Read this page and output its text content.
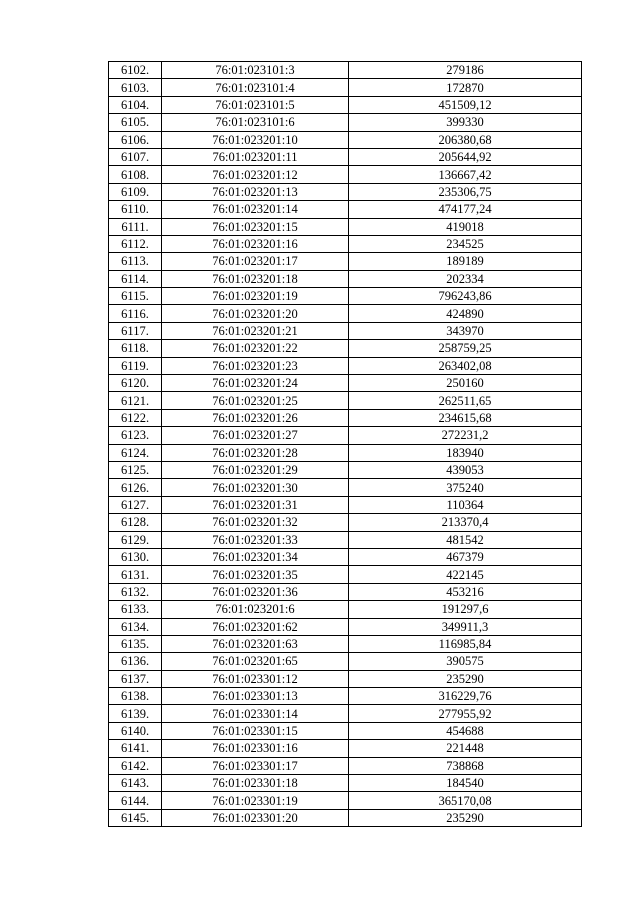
6102.	76:01:023101:3	279186
6103.	76:01:023101:4	172870
6104.	76:01:023101:5	451509,12
6105.	76:01:023101:6	399330
6106.	76:01:023201:10	206380,68
6107.	76:01:023201:11	205644,92
6108.	76:01:023201:12	136667,42
6109.	76:01:023201:13	235306,75
6110.	76:01:023201:14	474177,24
6111.	76:01:023201:15	419018
6112.	76:01:023201:16	234525
6113.	76:01:023201:17	189189
6114.	76:01:023201:18	202334
6115.	76:01:023201:19	796243,86
6116.	76:01:023201:20	424890
6117.	76:01:023201:21	343970
6118.	76:01:023201:22	258759,25
6119.	76:01:023201:23	263402,08
6120.	76:01:023201:24	250160
6121.	76:01:023201:25	262511,65
6122.	76:01:023201:26	234615,68
6123.	76:01:023201:27	272231,2
6124.	76:01:023201:28	183940
6125.	76:01:023201:29	439053
6126.	76:01:023201:30	375240
6127.	76:01:023201:31	110364
6128.	76:01:023201:32	213370,4
6129.	76:01:023201:33	481542
6130.	76:01:023201:34	467379
6131.	76:01:023201:35	422145
6132.	76:01:023201:36	453216
6133.	76:01:023201:6	191297,6
6134.	76:01:023201:62	349911,3
6135.	76:01:023201:63	116985,84
6136.	76:01:023201:65	390575
6137.	76:01:023301:12	235290
6138.	76:01:023301:13	316229,76
6139.	76:01:023301:14	277955,92
6140.	76:01:023301:15	454688
6141.	76:01:023301:16	221448
6142.	76:01:023301:17	738868
6143.	76:01:023301:18	184540
6144.	76:01:023301:19	365170,08
6145.	76:01:023301:20	235290
